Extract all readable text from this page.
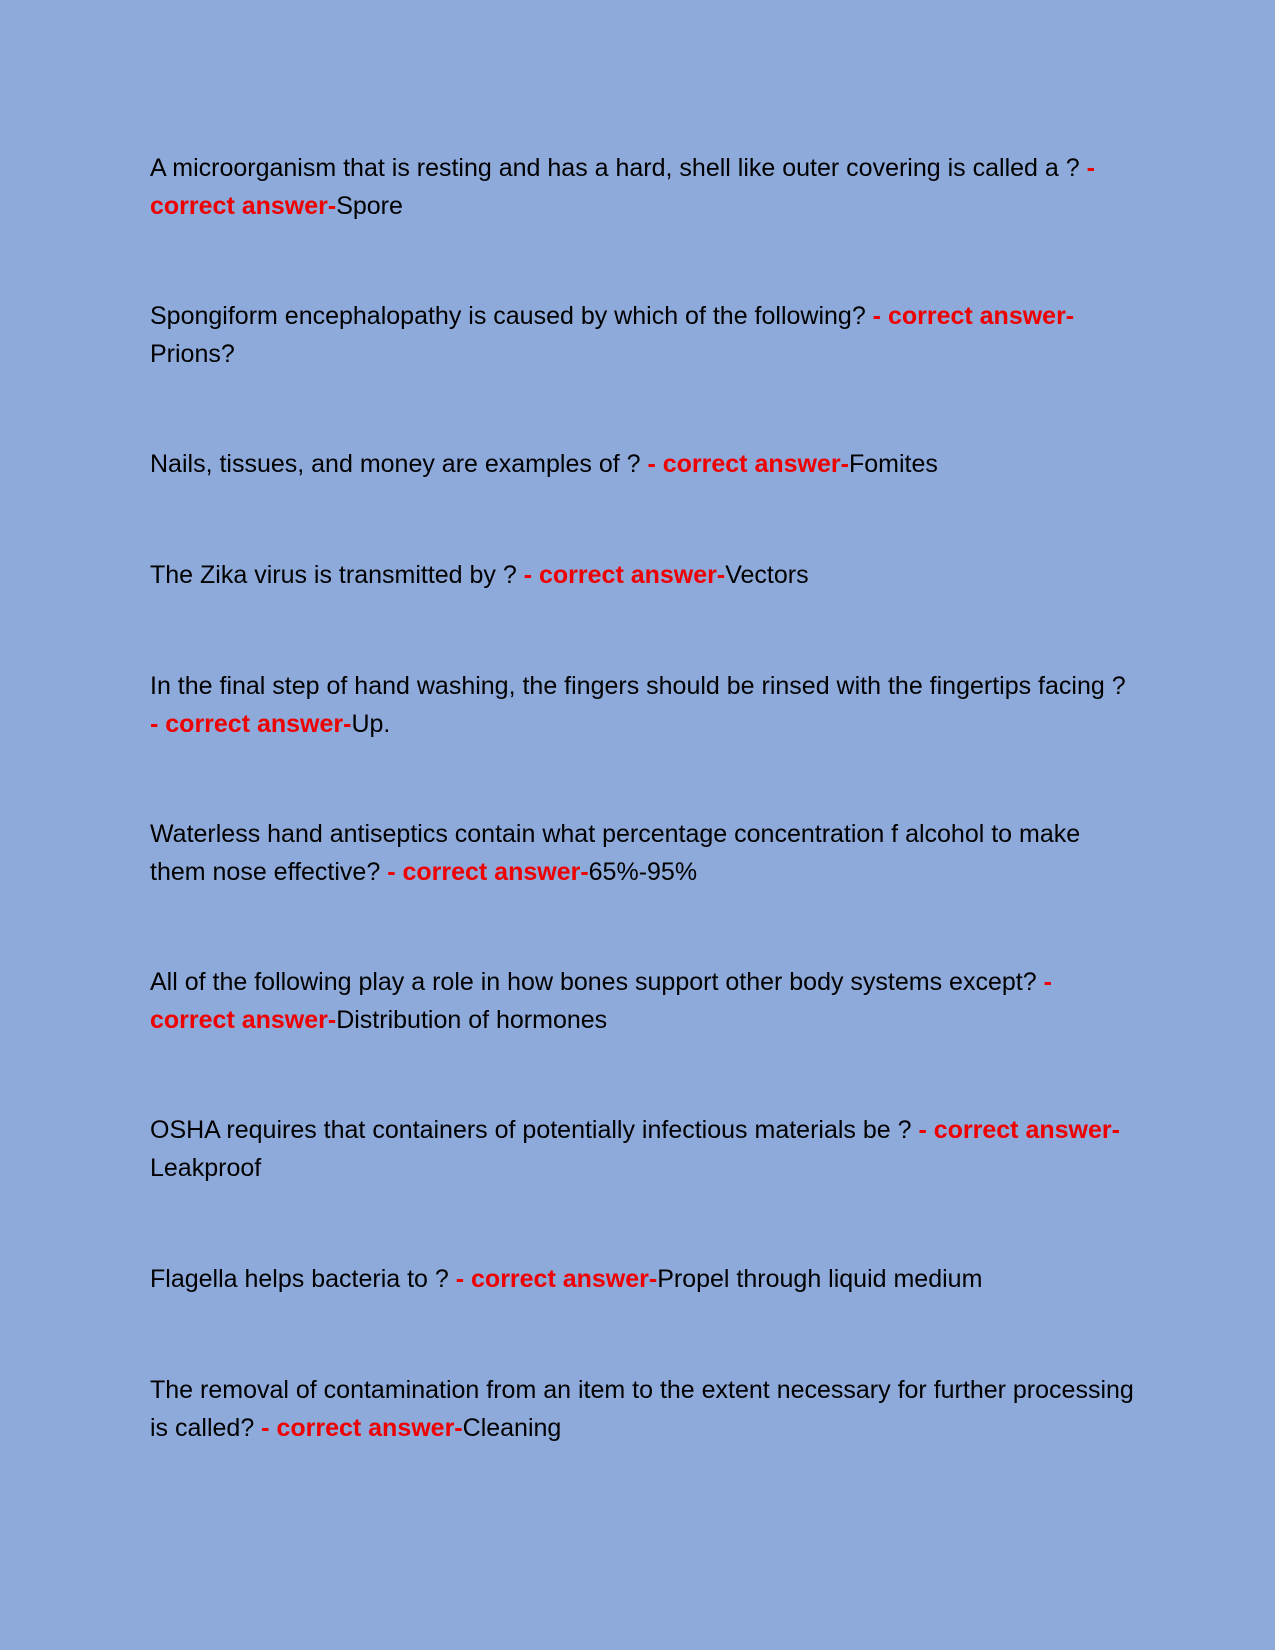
A microorganism that is resting and has a hard, shell like outer covering is called a ? - correct answer-Spore

Spongiform encephalopathy is caused by which of the following? - correct answer-Prions?

Nails, tissues, and money are examples of ? - correct answer-Fomites

The Zika virus is transmitted by ? - correct answer-Vectors

In the final step of hand washing, the fingers should be rinsed with the fingertips facing ? - correct answer-Up.

Waterless hand antiseptics contain what percentage concentration f alcohol to make them nose effective? - correct answer-65%-95%

All of the following play a role in how bones support other body systems except? - correct answer-Distribution of hormones

OSHA requires that containers of potentially infectious materials be ? - correct answer-Leakproof

Flagella helps bacteria to ? - correct answer-Propel through liquid medium

The removal of contamination from an item to the extent necessary for further processing is called? - correct answer-Cleaning
